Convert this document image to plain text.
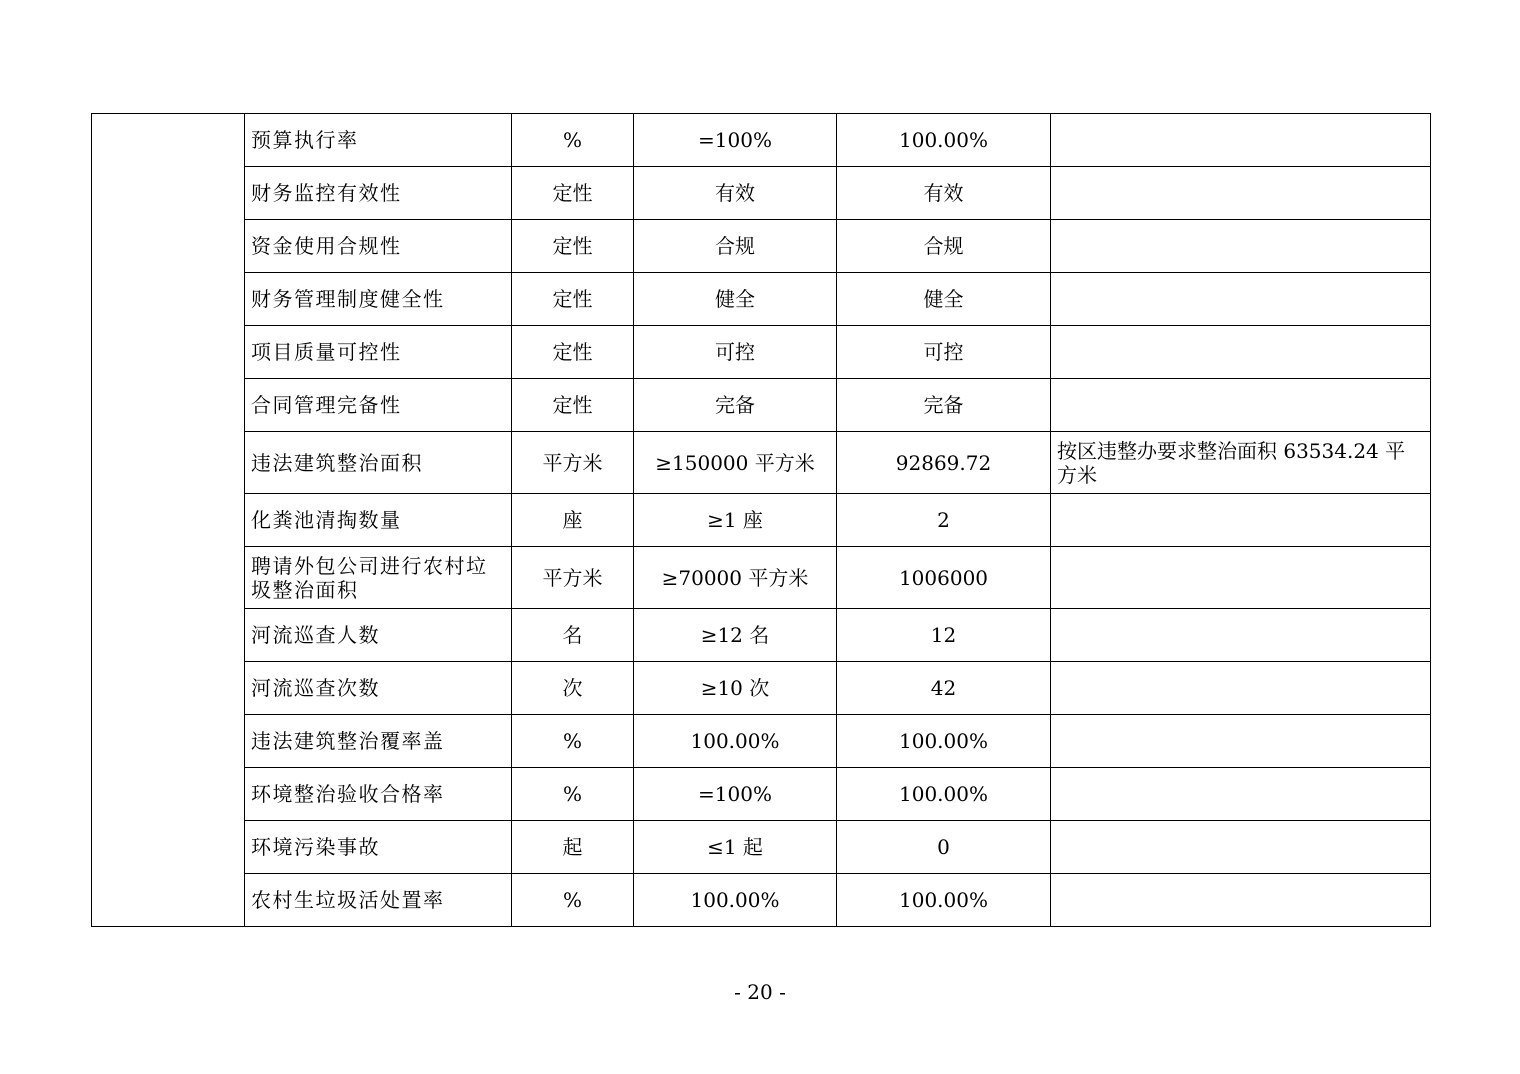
	预算执行率	%	=100%	100.00%	
	财务监控有效性	定性	有效	有效	
	资金使用合规性	定性	合规	合规	
	财务管理制度健全性	定性	健全	健全	
	项目质量可控性	定性	可控	可控	
	合同管理完备性	定性	完备	完备	
	违法建筑整治面积	平方米	≥150000 平方米	92869.72	按区违整办要求整治面积 63534.24 平方米
	化粪池清掏数量	座	≥1 座	2	
	聘请外包公司进行农村垃圾整治面积	平方米	≥70000 平方米	1006000	
	河流巡查人数	名	≥12 名	12	
	河流巡查次数	次	≥10 次	42	
	违法建筑整治覆率盖	%	100.00%	100.00%	
	环境整治验收合格率	%	=100%	100.00%	
	环境污染事故	起	≤1 起	0	
	农村生垃圾活处置率	%	100.00%	100.00%	
- 20 -
